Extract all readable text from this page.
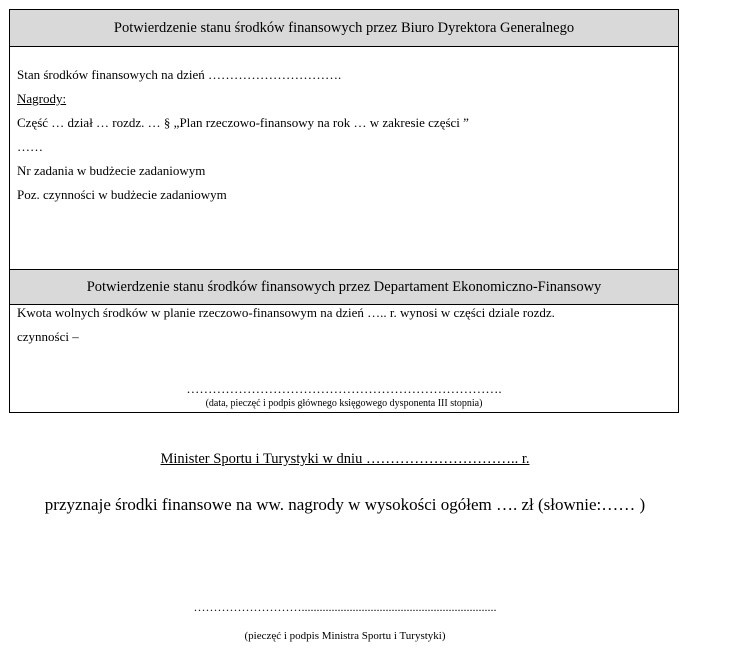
Potwierdzenie stanu środków finansowych przez Biuro Dyrektora Generalnego
Stan środków finansowych na dzień ………………………….
Nagrody:
Część … dział … rozdz. … § „Plan rzeczowo-finansowy na rok … w zakresie części ”
……
Nr zadania w budżecie zadaniowym
Poz. czynności w budżecie zadaniowym
Potwierdzenie stanu środków finansowych przez Departament Ekonomiczno-Finansowy
Kwota wolnych środków w planie rzeczowo-finansowym na dzień ….. r. wynosi w części dziale rozdz.
czynności –
……………………………………………………………….
(data, pieczęć i podpis głównego księgowego dysponenta III stopnia)
Minister Sportu i Turystyki w dniu ………………………….. r.
przyznaje środki finansowe na ww. nagrody w wysokości ogółem …. zł (słownie:…… )
……………………….................................................................
(pieczęć i podpis Ministra Sportu i Turystyki)
